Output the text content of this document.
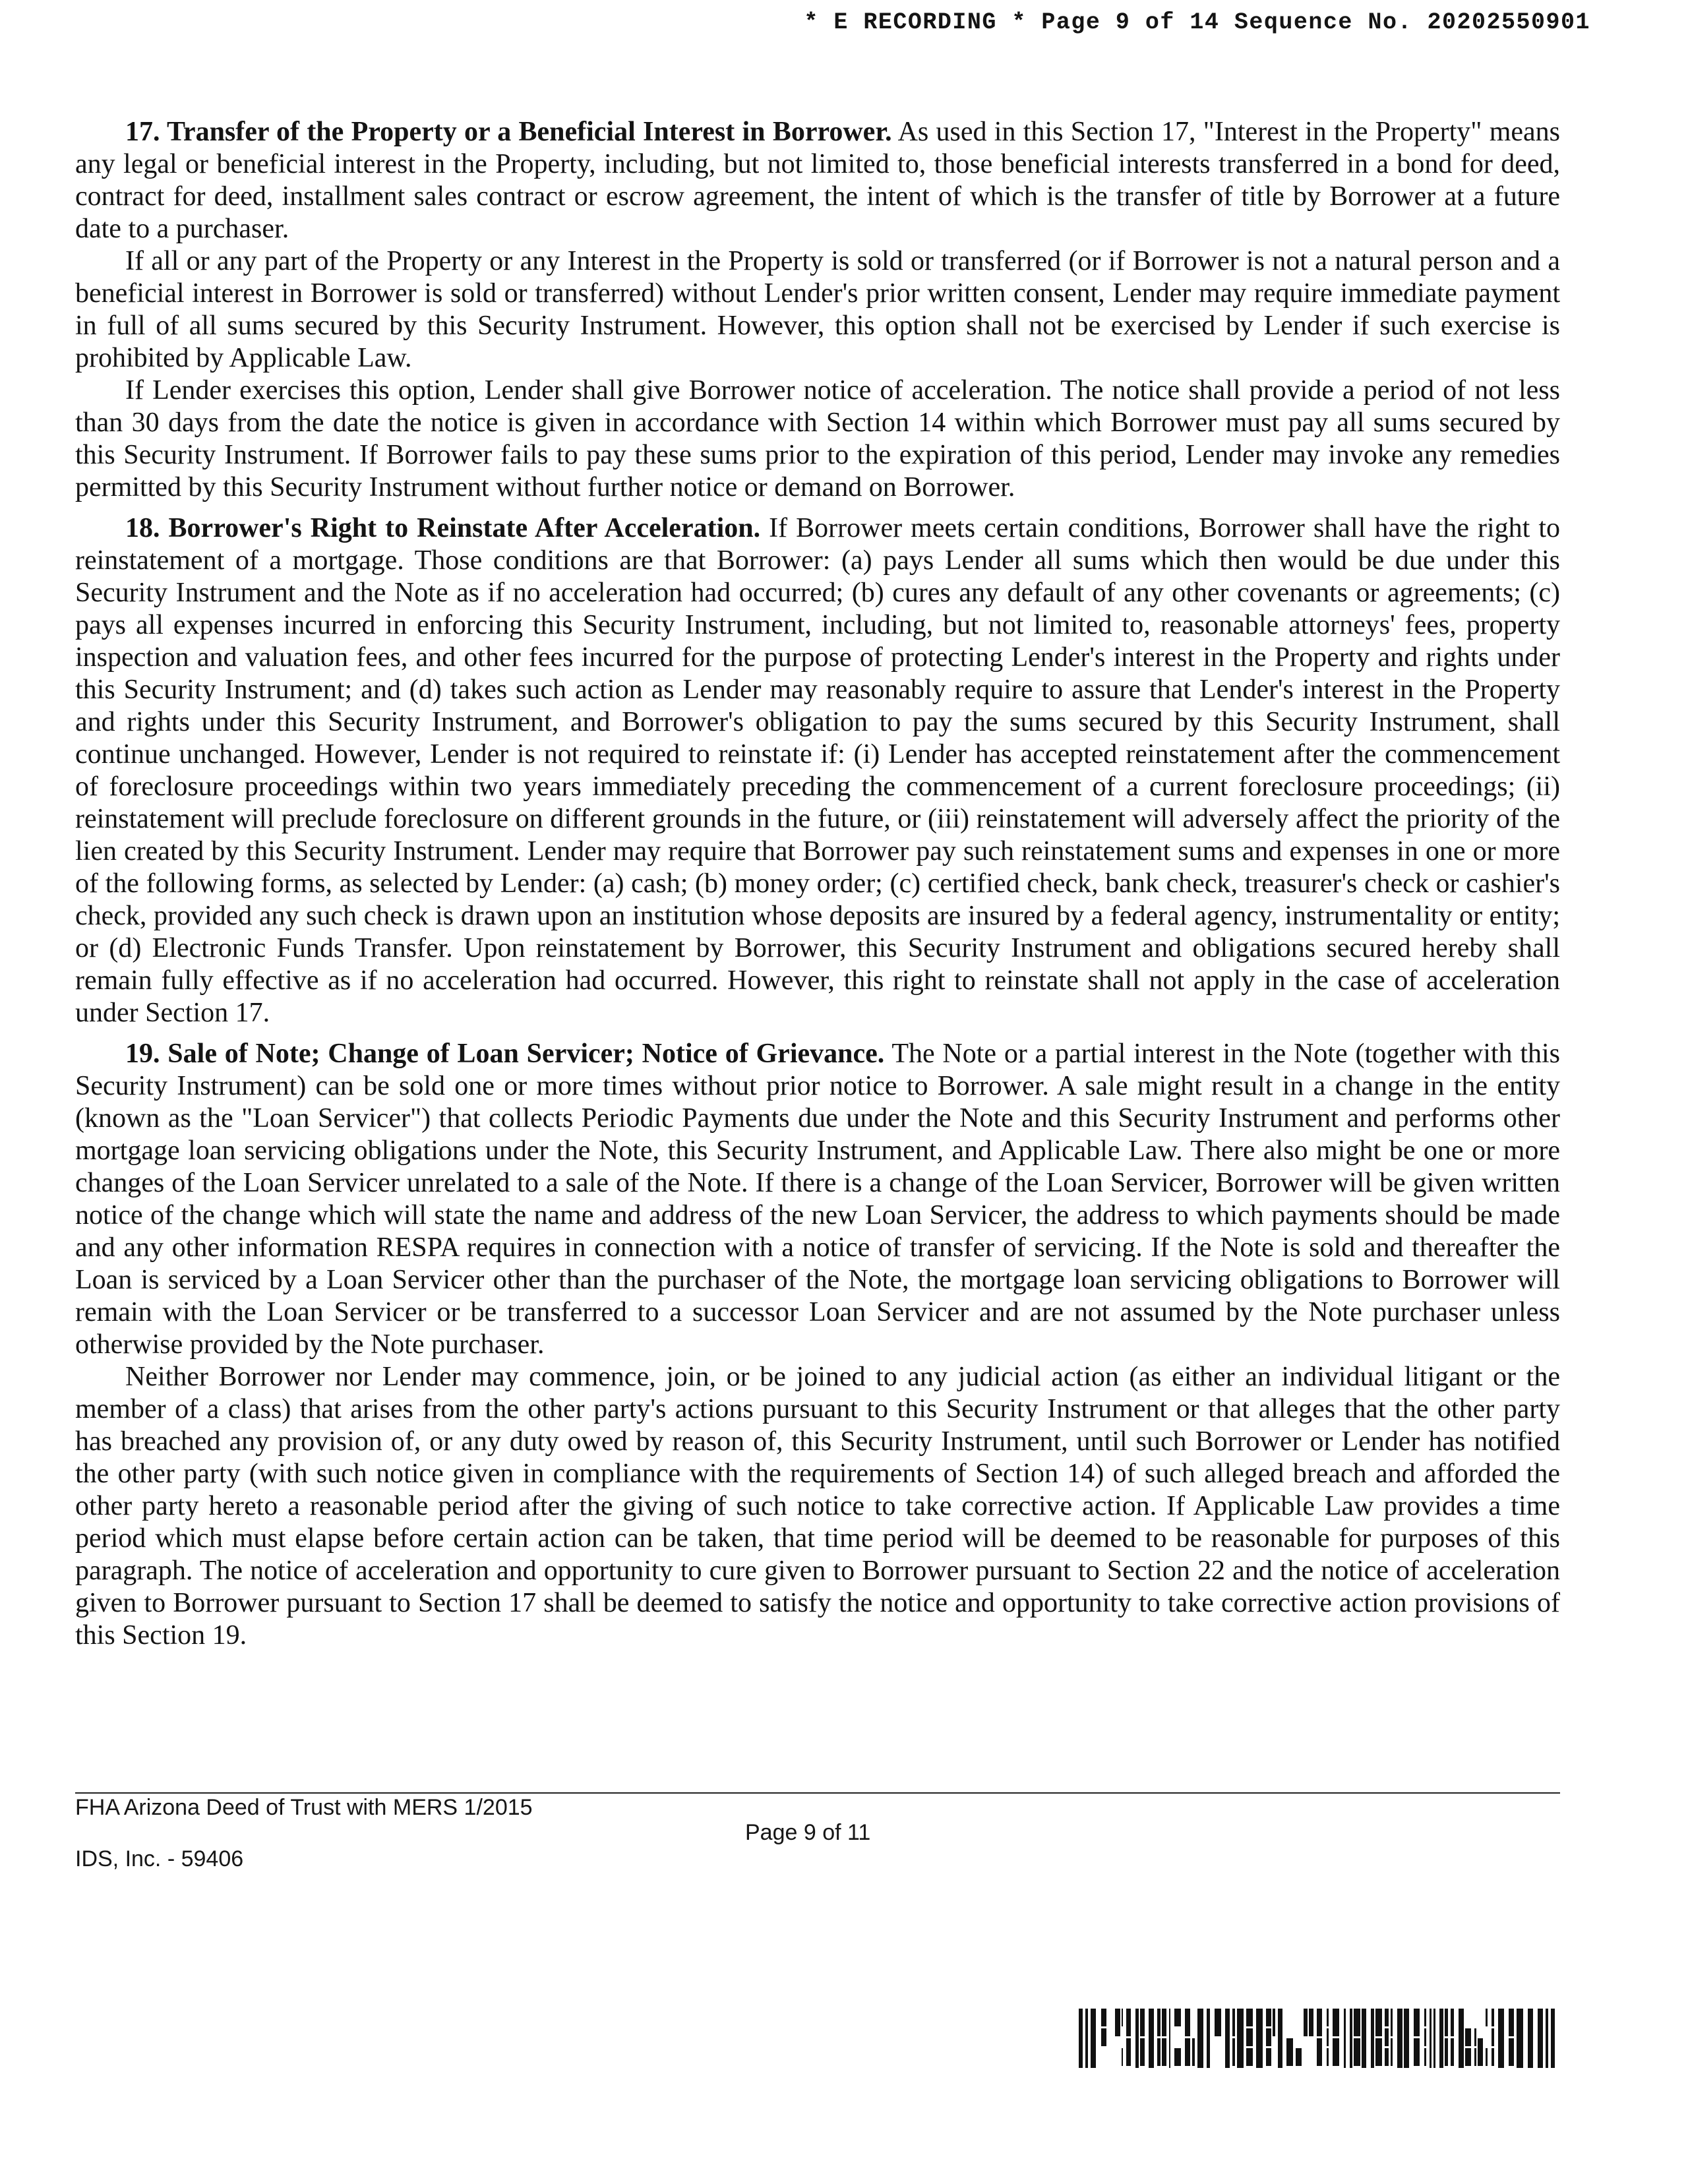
* E RECORDING * Page 9 of 14 Sequence No. 20202550901

17. Transfer of the Property or a Beneficial Interest in Borrower. As used in this Section 17, "Interest in the Property" means any legal or beneficial interest in the Property, including, but not limited to, those beneficial interests transferred in a bond for deed, contract for deed, installment sales contract or escrow agreement, the intent of which is the transfer of title by Borrower at a future date to a purchaser.

If all or any part of the Property or any Interest in the Property is sold or transferred (or if Borrower is not a natural person and a beneficial interest in Borrower is sold or transferred) without Lender's prior written consent, Lender may require immediate payment in full of all sums secured by this Security Instrument. However, this option shall not be exercised by Lender if such exercise is prohibited by Applicable Law.

If Lender exercises this option, Lender shall give Borrower notice of acceleration. The notice shall provide a period of not less than 30 days from the date the notice is given in accordance with Section 14 within which Borrower must pay all sums secured by this Security Instrument. If Borrower fails to pay these sums prior to the expiration of this period, Lender may invoke any remedies permitted by this Security Instrument without further notice or demand on Borrower.

18. Borrower's Right to Reinstate After Acceleration. If Borrower meets certain conditions, Borrower shall have the right to reinstatement of a mortgage. Those conditions are that Borrower: (a) pays Lender all sums which then would be due under this Security Instrument and the Note as if no acceleration had occurred; (b) cures any default of any other covenants or agreements; (c) pays all expenses incurred in enforcing this Security Instrument, including, but not limited to, reasonable attorneys' fees, property inspection and valuation fees, and other fees incurred for the purpose of protecting Lender's interest in the Property and rights under this Security Instrument; and (d) takes such action as Lender may reasonably require to assure that Lender's interest in the Property and rights under this Security Instrument, and Borrower's obligation to pay the sums secured by this Security Instrument, shall continue unchanged. However, Lender is not required to reinstate if: (i) Lender has accepted reinstatement after the commencement of foreclosure proceedings within two years immediately preceding the commencement of a current foreclosure proceedings; (ii) reinstatement will preclude foreclosure on different grounds in the future, or (iii) reinstatement will adversely affect the priority of the lien created by this Security Instrument. Lender may require that Borrower pay such reinstatement sums and expenses in one or more of the following forms, as selected by Lender: (a) cash; (b) money order; (c) certified check, bank check, treasurer's check or cashier's check, provided any such check is drawn upon an institution whose deposits are insured by a federal agency, instrumentality or entity; or (d) Electronic Funds Transfer. Upon reinstatement by Borrower, this Security Instrument and obligations secured hereby shall remain fully effective as if no acceleration had occurred. However, this right to reinstate shall not apply in the case of acceleration under Section 17.

19. Sale of Note; Change of Loan Servicer; Notice of Grievance. The Note or a partial interest in the Note (together with this Security Instrument) can be sold one or more times without prior notice to Borrower. A sale might result in a change in the entity (known as the "Loan Servicer") that collects Periodic Payments due under the Note and this Security Instrument and performs other mortgage loan servicing obligations under the Note, this Security Instrument, and Applicable Law. There also might be one or more changes of the Loan Servicer unrelated to a sale of the Note. If there is a change of the Loan Servicer, Borrower will be given written notice of the change which will state the name and address of the new Loan Servicer, the address to which payments should be made and any other information RESPA requires in connection with a notice of transfer of servicing. If the Note is sold and thereafter the Loan is serviced by a Loan Servicer other than the purchaser of the Note, the mortgage loan servicing obligations to Borrower will remain with the Loan Servicer or be transferred to a successor Loan Servicer and are not assumed by the Note purchaser unless otherwise provided by the Note purchaser.

Neither Borrower nor Lender may commence, join, or be joined to any judicial action (as either an individual litigant or the member of a class) that arises from the other party's actions pursuant to this Security Instrument or that alleges that the other party has breached any provision of, or any duty owed by reason of, this Security Instrument, until such Borrower or Lender has notified the other party (with such notice given in compliance with the requirements of Section 14) of such alleged breach and afforded the other party hereto a reasonable period after the giving of such notice to take corrective action. If Applicable Law provides a time period which must elapse before certain action can be taken, that time period will be deemed to be reasonable for purposes of this paragraph. The notice of acceleration and opportunity to cure given to Borrower pursuant to Section 22 and the notice of acceleration given to Borrower pursuant to Section 17 shall be deemed to satisfy the notice and opportunity to take corrective action provisions of this Section 19.

FHA Arizona Deed of Trust with MERS 1/2015
Page 9 of 11
IDS, Inc. - 59406
